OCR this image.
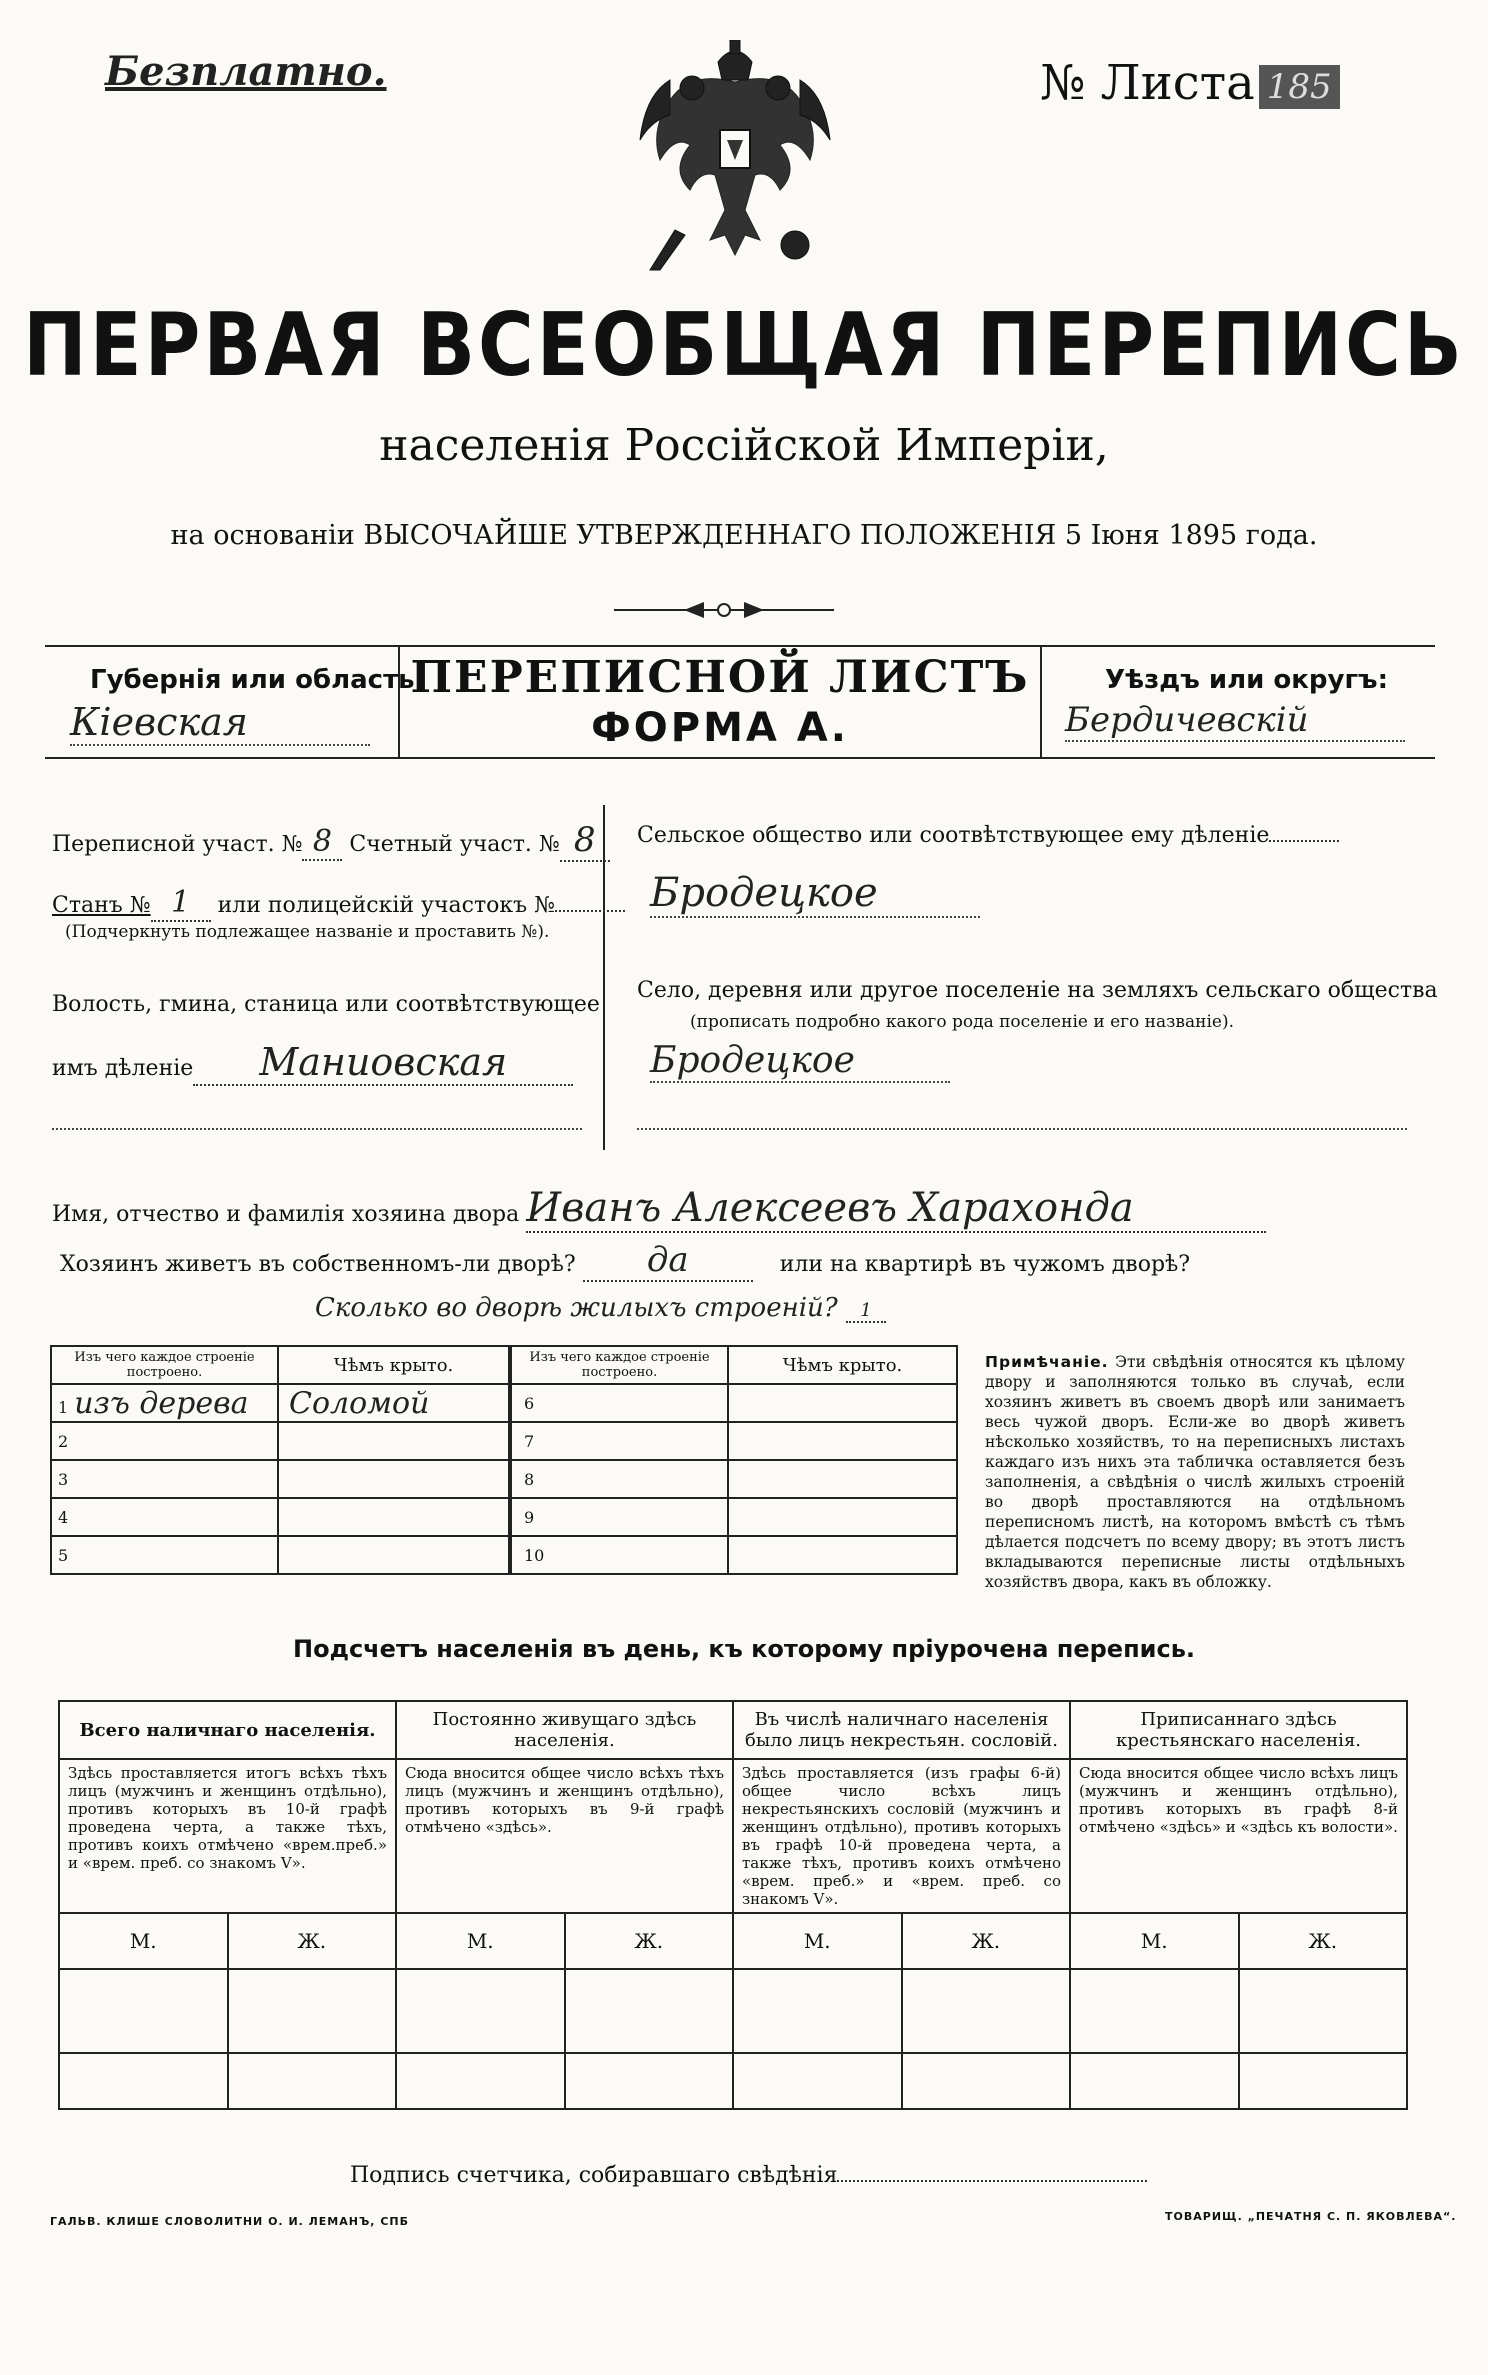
Безплатно.	№ Листа 185
ПЕРВАЯ ВСЕОБЩАЯ ПЕРЕПИСЬ
населенія Россійской Имперіи,
на основаніи ВЫСОЧАЙШЕ УТВЕРЖДЕННАГО ПОЛОЖЕНІЯ 5 Іюня 1895 года.
Губернія или область:
Кіевская
ПЕРЕПИСНОЙ ЛИСТЪ
ФОРМА А.
Уѣздъ или округъ:
Бердичевскій
Переписной участ. № 8 Счетный участ. № 8
Станъ № 1 или полицейскій участокъ №
(Подчеркнуть подлежащее названіе и проставить №).
Волость, гмина, станица или соотвѣтствующее
имъ дѣленіе Маниовская
Сельское общество или соотвѣтствующее ему дѣленіе
Бродецкое
Село, деревня или другое поселеніе на земляхъ сельскаго общества
(прописать подробно какого рода поселеніе и его названіе).
Бродецкое
Имя, отчество и фамилія хозяина двора Иванъ Алексеевъ Харахонда
Хозяинъ живетъ въ собственномъ-ли дворѣ? да	или на квартирѣ въ чужомъ дворѣ?
Сколько во дворѣ жилыхъ строеній? 1
Изъ чего каждое строеніе построено.	Чѣмъ крыто.
1 изъ дерева	Соломой
2	
3	
4	
5	
Изъ чего каждое строеніе построено.	Чѣмъ крыто.
6	
7	
8	
9	
10	
Примѣчаніе. Эти свѣдѣнія относятся къ цѣлому двору и заполняются только въ случаѣ, если хозяинъ живетъ въ своемъ дворѣ или занимаетъ весь чужой дворъ. Если-же во дворѣ живетъ нѣсколько хозяйствъ, то на переписныхъ листахъ каждаго изъ нихъ эта табличка оставляется безъ заполненія, а свѣдѣнія о числѣ жилыхъ строеній во дворѣ проставляются на отдѣльномъ переписномъ листѣ, на которомъ вмѣстѣ съ тѣмъ дѣлается подсчетъ по всему двору; въ этотъ листъ вкладываются переписные листы отдѣльныхъ хозяйствъ двора, какъ въ обложку.
Подсчетъ населенія въ день, къ которому пріурочена перепись.
Всего наличнаго населенія.		Постоянно живущаго здѣсь населенія.		Въ числѣ наличнаго населенія было лицъ некрестьян. сословій.		Приписаннаго здѣсь крестьянскаго населенія.	
Здѣсь проставляется итогъ всѣхъ тѣхъ лицъ (мужчинъ и женщинъ отдѣльно), противъ которыхъ въ 10-й графѣ проведена черта, а также тѣхъ, противъ коихъ отмѣчено «врем.преб.» и «врем. преб. со знакомъ V».		Сюда вносится общее число всѣхъ тѣхъ лицъ (мужчинъ и женщинъ отдѣльно), противъ которыхъ въ 9-й графѣ отмѣчено «здѣсь».		Здѣсь проставляется (изъ графы 6-й) общее число всѣхъ лицъ некрестьянскихъ сословій (мужчинъ и женщинъ отдѣльно), противъ которыхъ въ графѣ 10-й проведена черта, а также тѣхъ, противъ коихъ отмѣчено «врем. преб.» и «врем. преб. со знакомъ V».		Сюда вносится общее число всѣхъ лицъ (мужчинъ и женщинъ отдѣльно), противъ которыхъ въ графѣ 8-й отмѣчено «здѣсь» и «здѣсь къ волости».	
М.	Ж.	М.	Ж.	М.	Ж.	М.	Ж.

Подпись счетчика, собиравшаго свѣдѣнія
ГАЛЬВ. КЛИШЕ СЛОВОЛИТНИ О. И. ЛЕМАНЪ, СПБ	ТОВАРИЩ. „ПЕЧАТНЯ С. П. ЯКОВЛЕВА“.
